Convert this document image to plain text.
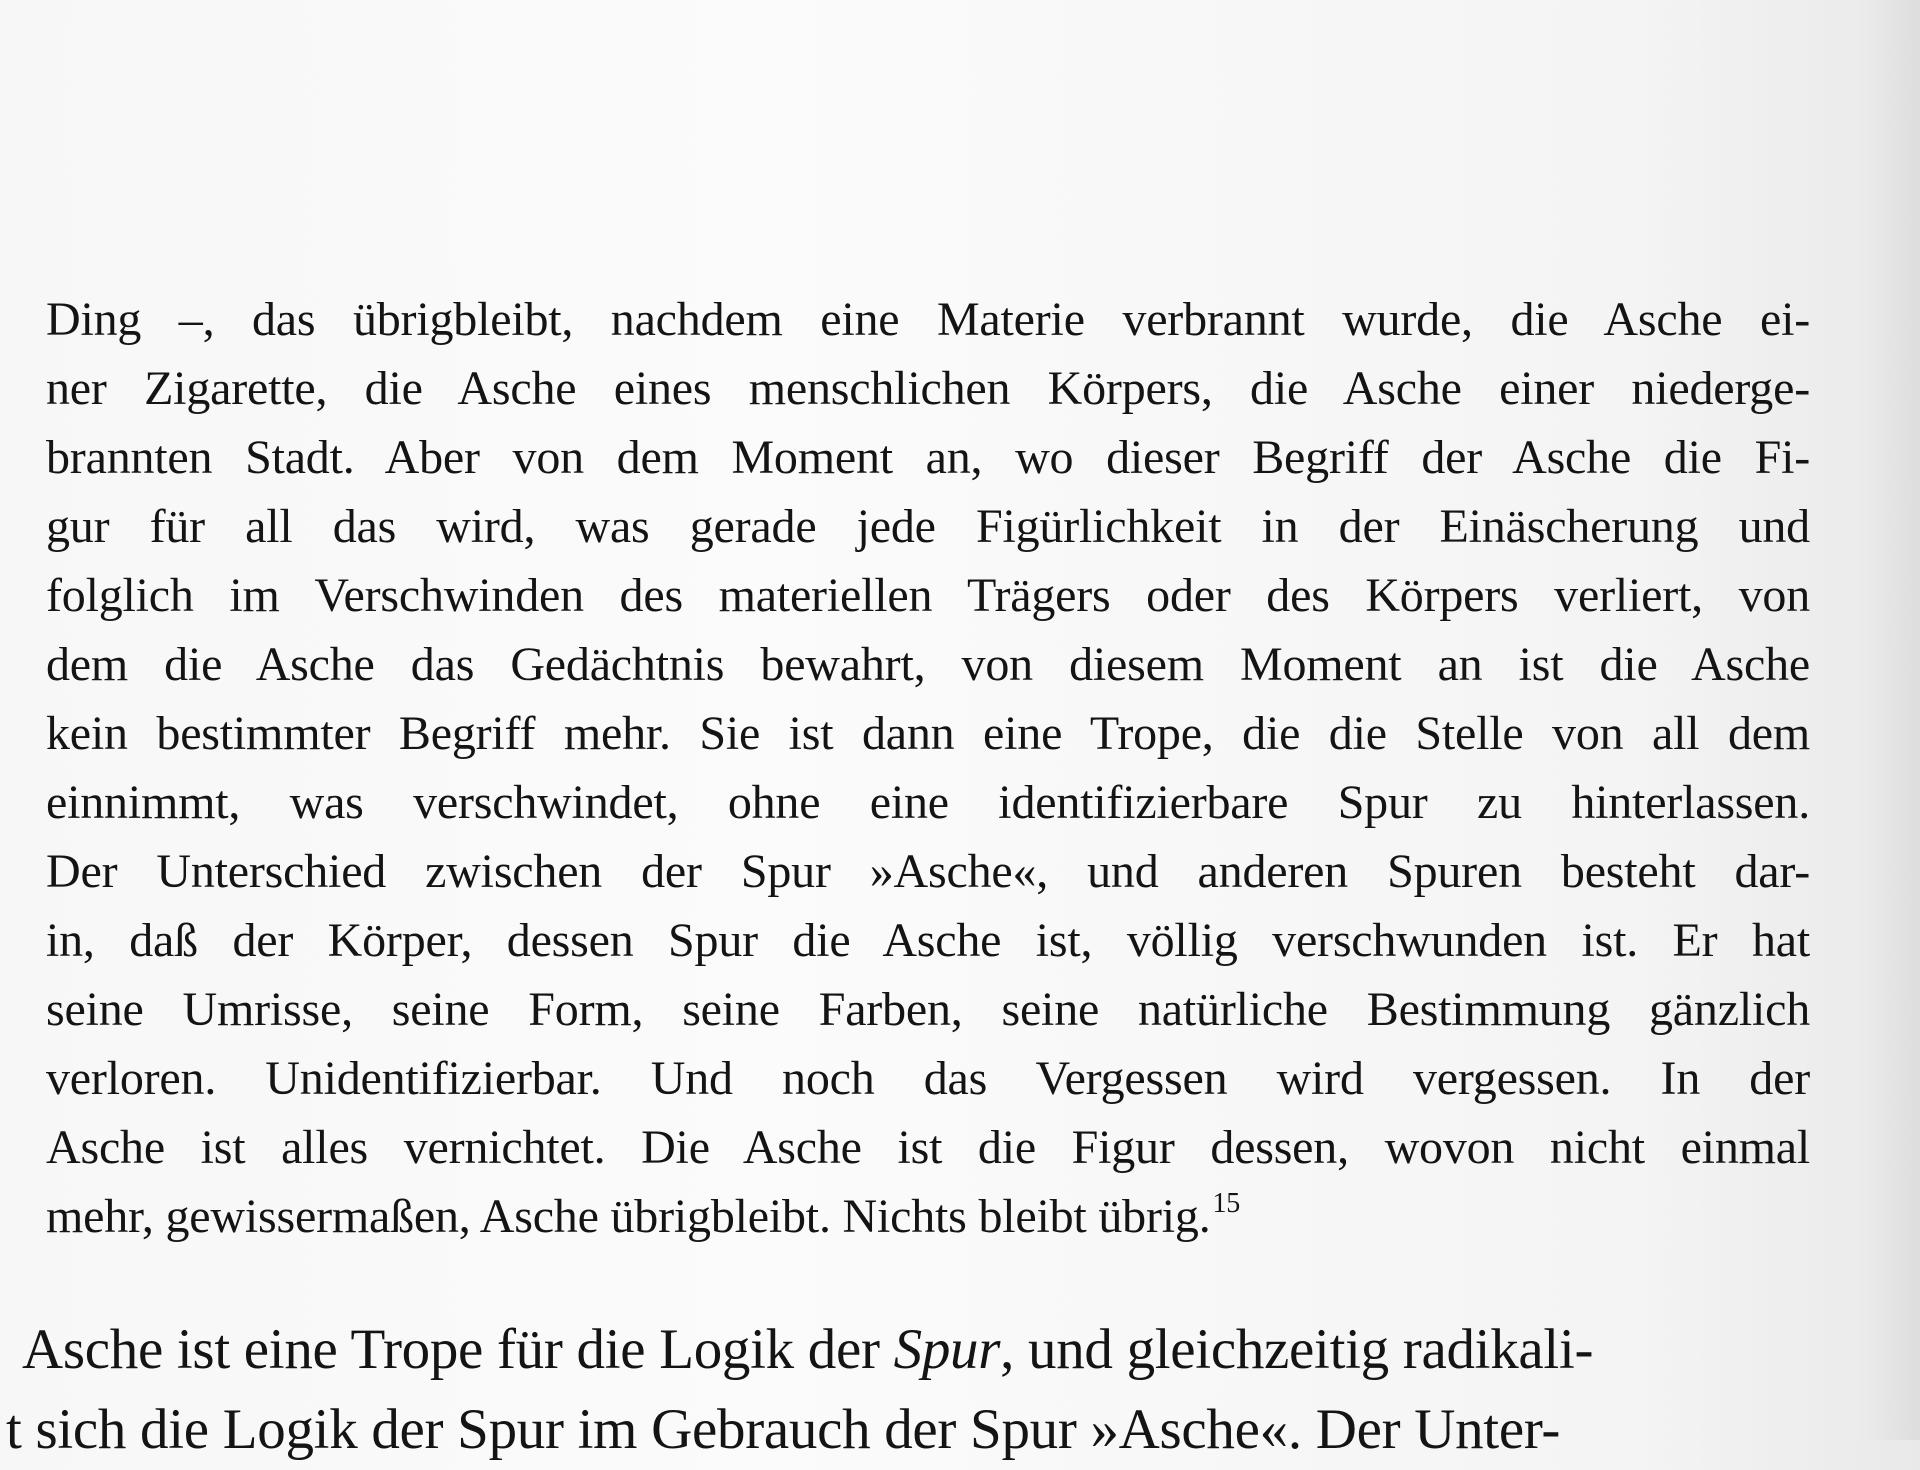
Ding –, das übrigbleibt, nachdem eine Materie verbrannt wurde, die Asche ei-
ner Zigarette, die Asche eines menschlichen Körpers, die Asche einer niederge-
brannten Stadt. Aber von dem Moment an, wo dieser Begriff der Asche die Fi-
gur für all das wird, was gerade jede Figürlichkeit in der Einäscherung und
folglich im Verschwinden des materiellen Trägers oder des Körpers verliert, von
dem die Asche das Gedächtnis bewahrt, von diesem Moment an ist die Asche
kein bestimmter Begriff mehr. Sie ist dann eine Trope, die die Stelle von all dem
einnimmt, was verschwindet, ohne eine identifizierbare Spur zu hinterlassen.
Der Unterschied zwischen der Spur »Asche«, und anderen Spuren besteht dar-
in, daß der Körper, dessen Spur die Asche ist, völlig verschwunden ist. Er hat
seine Umrisse, seine Form, seine Farben, seine natürliche Bestimmung gänzlich
verloren. Unidentifizierbar. Und noch das Vergessen wird vergessen. In der
Asche ist alles vernichtet. Die Asche ist die Figur dessen, wovon nicht einmal
mehr, gewissermaßen, Asche übrigbleibt. Nichts bleibt übrig.$^{15}$
Asche ist eine Trope für die Logik der Spur, und gleichzeitig radikali-
t sich die Logik der Spur im Gebrauch der Spur »Asche«. Der Unter-
